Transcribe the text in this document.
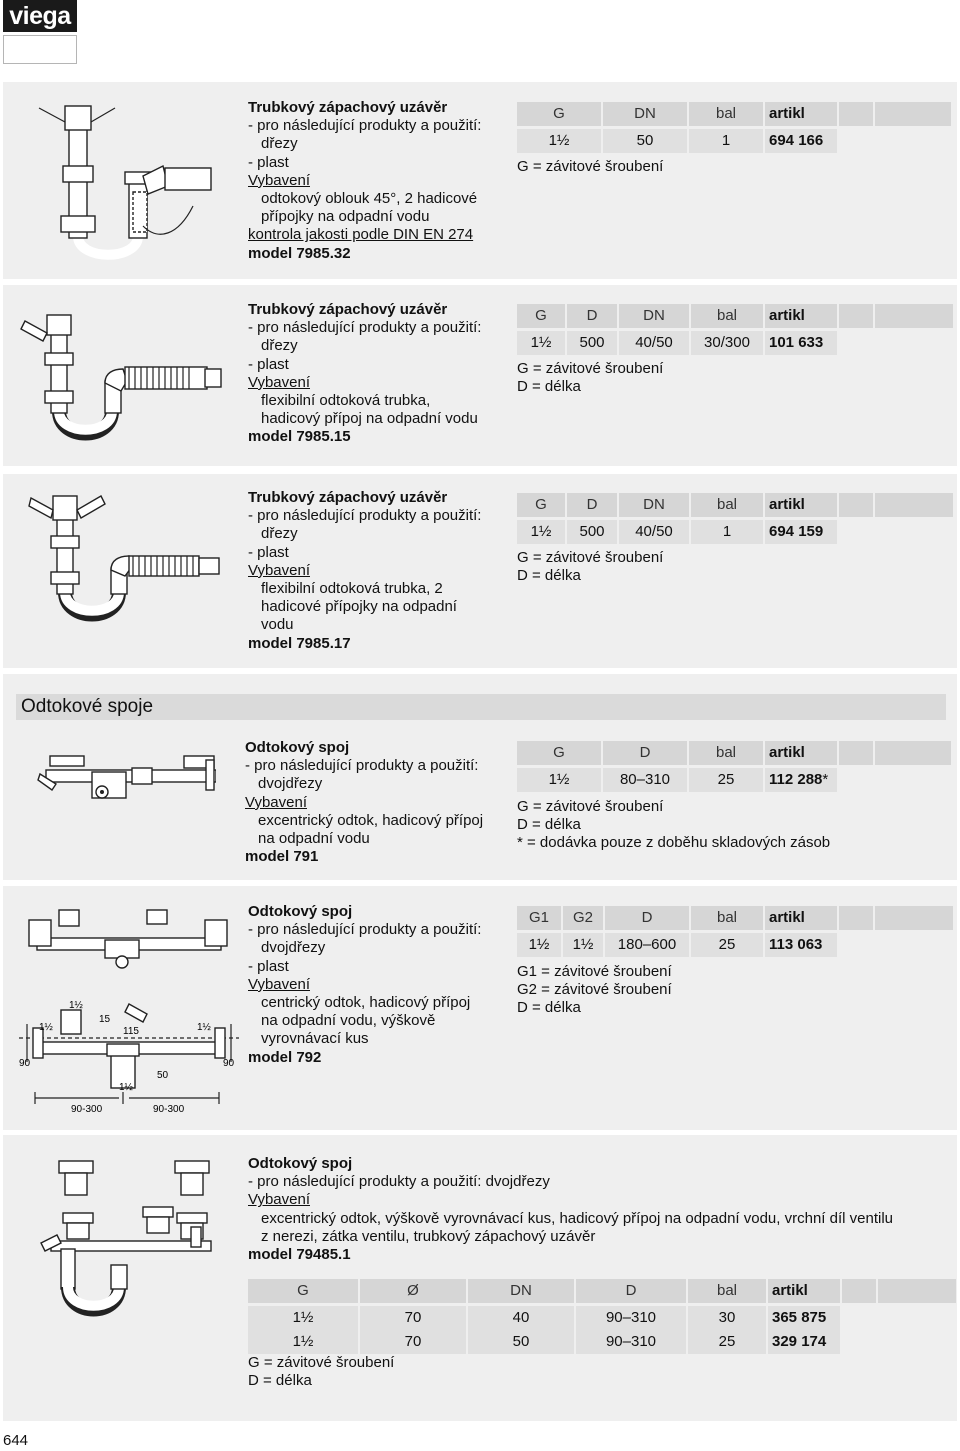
viega
Trubkový zápachový uzávěr
- pro následující produkty a použití:
dřezy
- plast
Vybavení
odtokový oblouk 45°, 2 hadicové
přípojky na odpadní vodu
kontrola jakosti podle DIN EN 274
model 7985.32
G	DN	bal	artikl		

1½	50	1	694 166		
G = závitové šroubení
Trubkový zápachový uzávěr
- pro následující produkty a použití:
dřezy
- plast
Vybavení
flexibilní odtoková trubka,
hadicový přípoj na odpadní vodu
model 7985.15
G	D	DN	bal	artikl		

1½	500	40/50	30/300	101 633		
G = závitové šroubení
D = délka
Trubkový zápachový uzávěr
- pro následující produkty a použití:
dřezy
- plast
Vybavení
flexibilní odtoková trubka, 2
hadicové přípojky na odpadní
vodu
model 7985.17
G	D	DN	bal	artikl		

1½	500	40/50	1	694 159		
G = závitové šroubení
D = délka
Odtokové spoje
Odtokový spoj
- pro následující produkty a použití:
dvojdřezy
Vybavení
excentrický odtok, hadicový přípoj
na odpadní vodu
model 791
G	D	bal	artikl		

1½	80–310	25	112 288*		
G = závitové šroubení
D = délka
* = dodávka pouze z doběhu skladových zásob
1½
1½	1½
1½
15
115
90	90
50
90-300	90-300
Odtokový spoj
- pro následující produkty a použití:
dvojdřezy
- plast
Vybavení
centrický odtok, hadicový přípoj
na odpadní vodu, výškově
vyrovnávací kus
model 792
G1	G2	D	bal	artikl		

1½	1½	180–600	25	113 063		
G1 = závitové šroubení
G2 = závitové šroubení
D = délka
Odtokový spoj
- pro následující produkty a použití: dvojdřezy
Vybavení
excentrický odtok, výškově vyrovnávací kus, hadicový přípoj na odpadní vodu, vrchní díl ventilu
z nerezi, zátka ventilu, trubkový zápachový uzávěr
model 79485.1
G	Ø	DN	D	bal	artikl		

1½	70	40	90–310	30	365 875		
1½	70	50	90–310	25	329 174		
G = závitové šroubení
D = délka
644
